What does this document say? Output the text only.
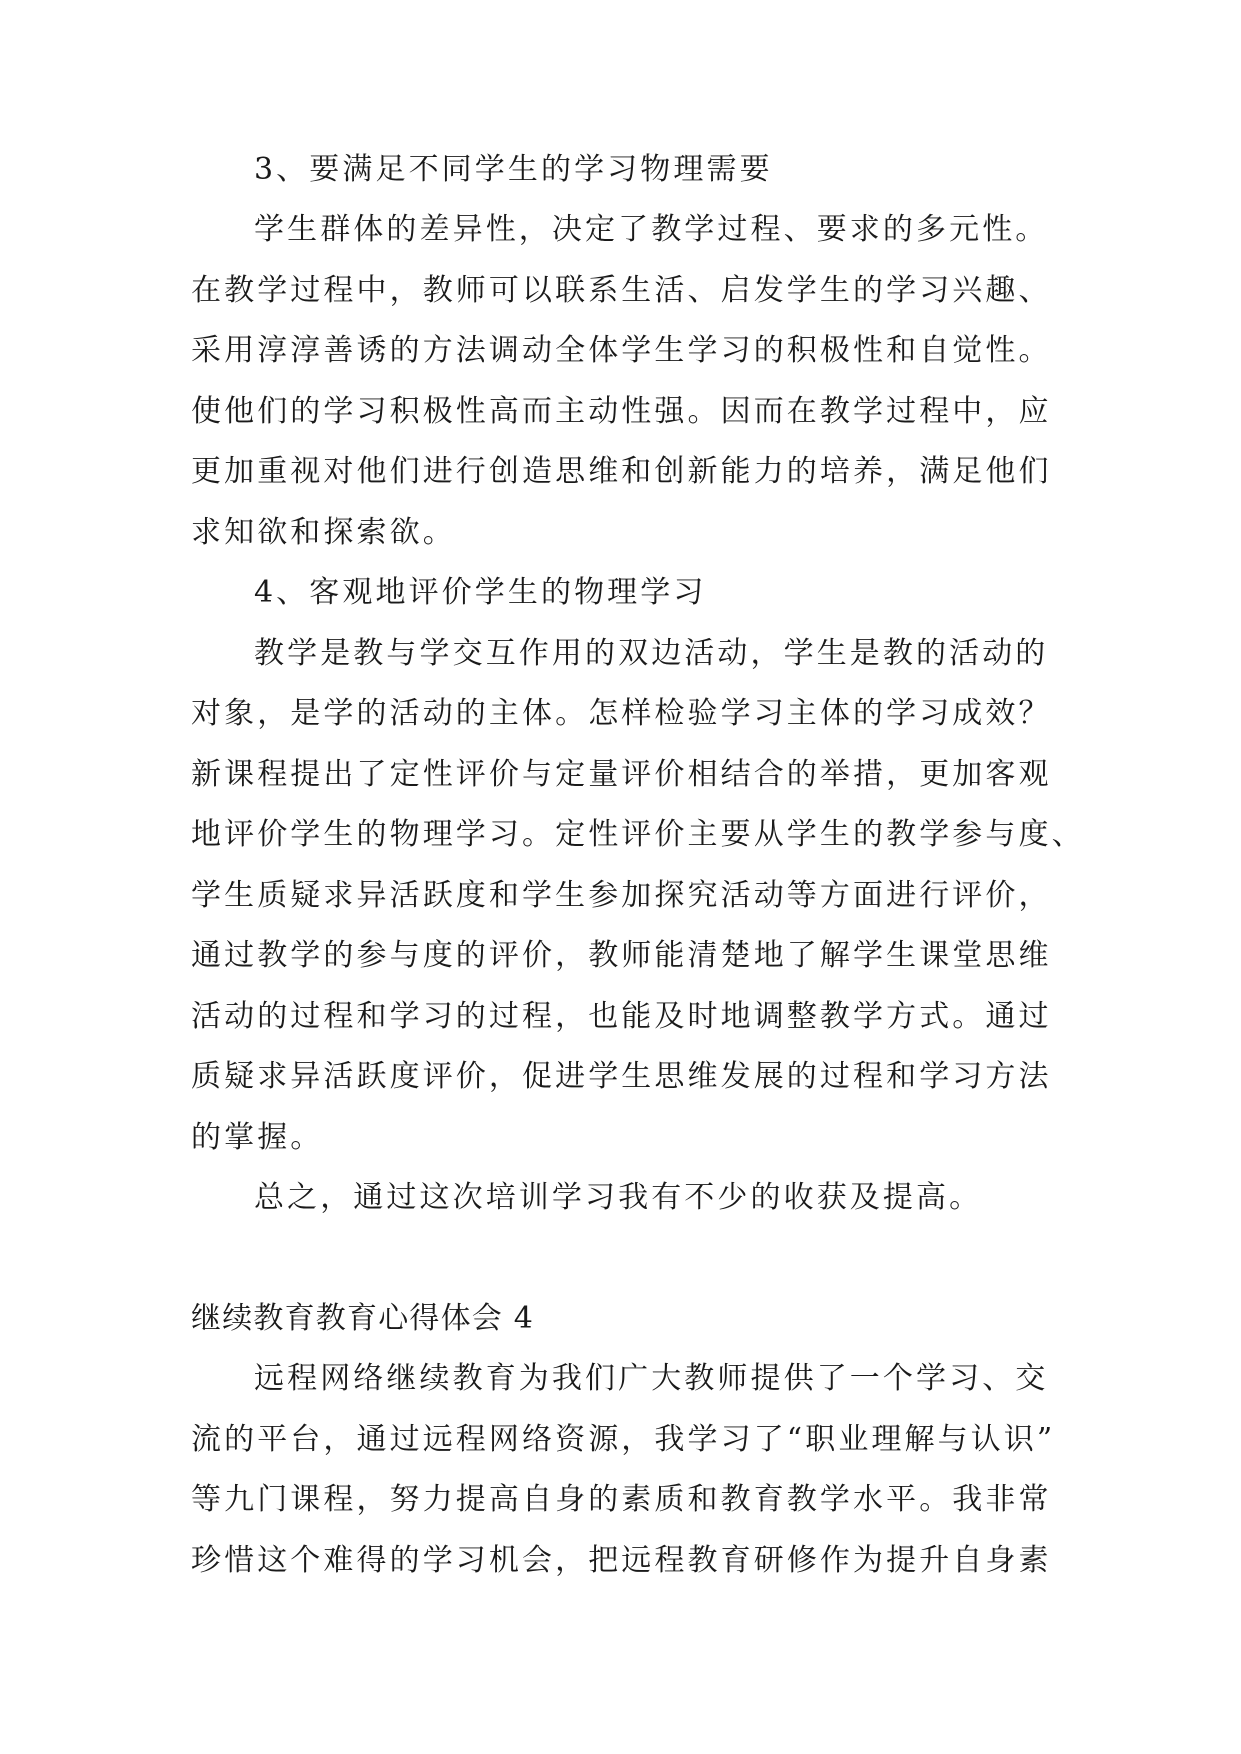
3、要满足不同学生的学习物理需要
学生群体的差异性，决定了教学过程、要求的多元性。
在教学过程中，教师可以联系生活、启发学生的学习兴趣、
采用淳淳善诱的方法调动全体学生学习的积极性和自觉性。
使他们的学习积极性高而主动性强。因而在教学过程中，应
更加重视对他们进行创造思维和创新能力的培养，满足他们
求知欲和探索欲。
4、客观地评价学生的物理学习
教学是教与学交互作用的双边活动，学生是教的活动的
对象，是学的活动的主体。怎样检验学习主体的学习成效？
新课程提出了定性评价与定量评价相结合的举措，更加客观
地评价学生的物理学习。定性评价主要从学生的教学参与度、
学生质疑求异活跃度和学生参加探究活动等方面进行评价，
通过教学的参与度的评价，教师能清楚地了解学生课堂思维
活动的过程和学习的过程，也能及时地调整教学方式。通过
质疑求异活跃度评价，促进学生思维发展的过程和学习方法
的掌握。
总之，通过这次培训学习我有不少的收获及提高。
继续教育教育心得体会 4
远程网络继续教育为我们广大教师提供了一个学习、交
流的平台，通过远程网络资源，我学习了“职业理解与认识”
等九门课程，努力提高自身的素质和教育教学水平。我非常
珍惜这个难得的学习机会，把远程教育研修作为提升自身素
